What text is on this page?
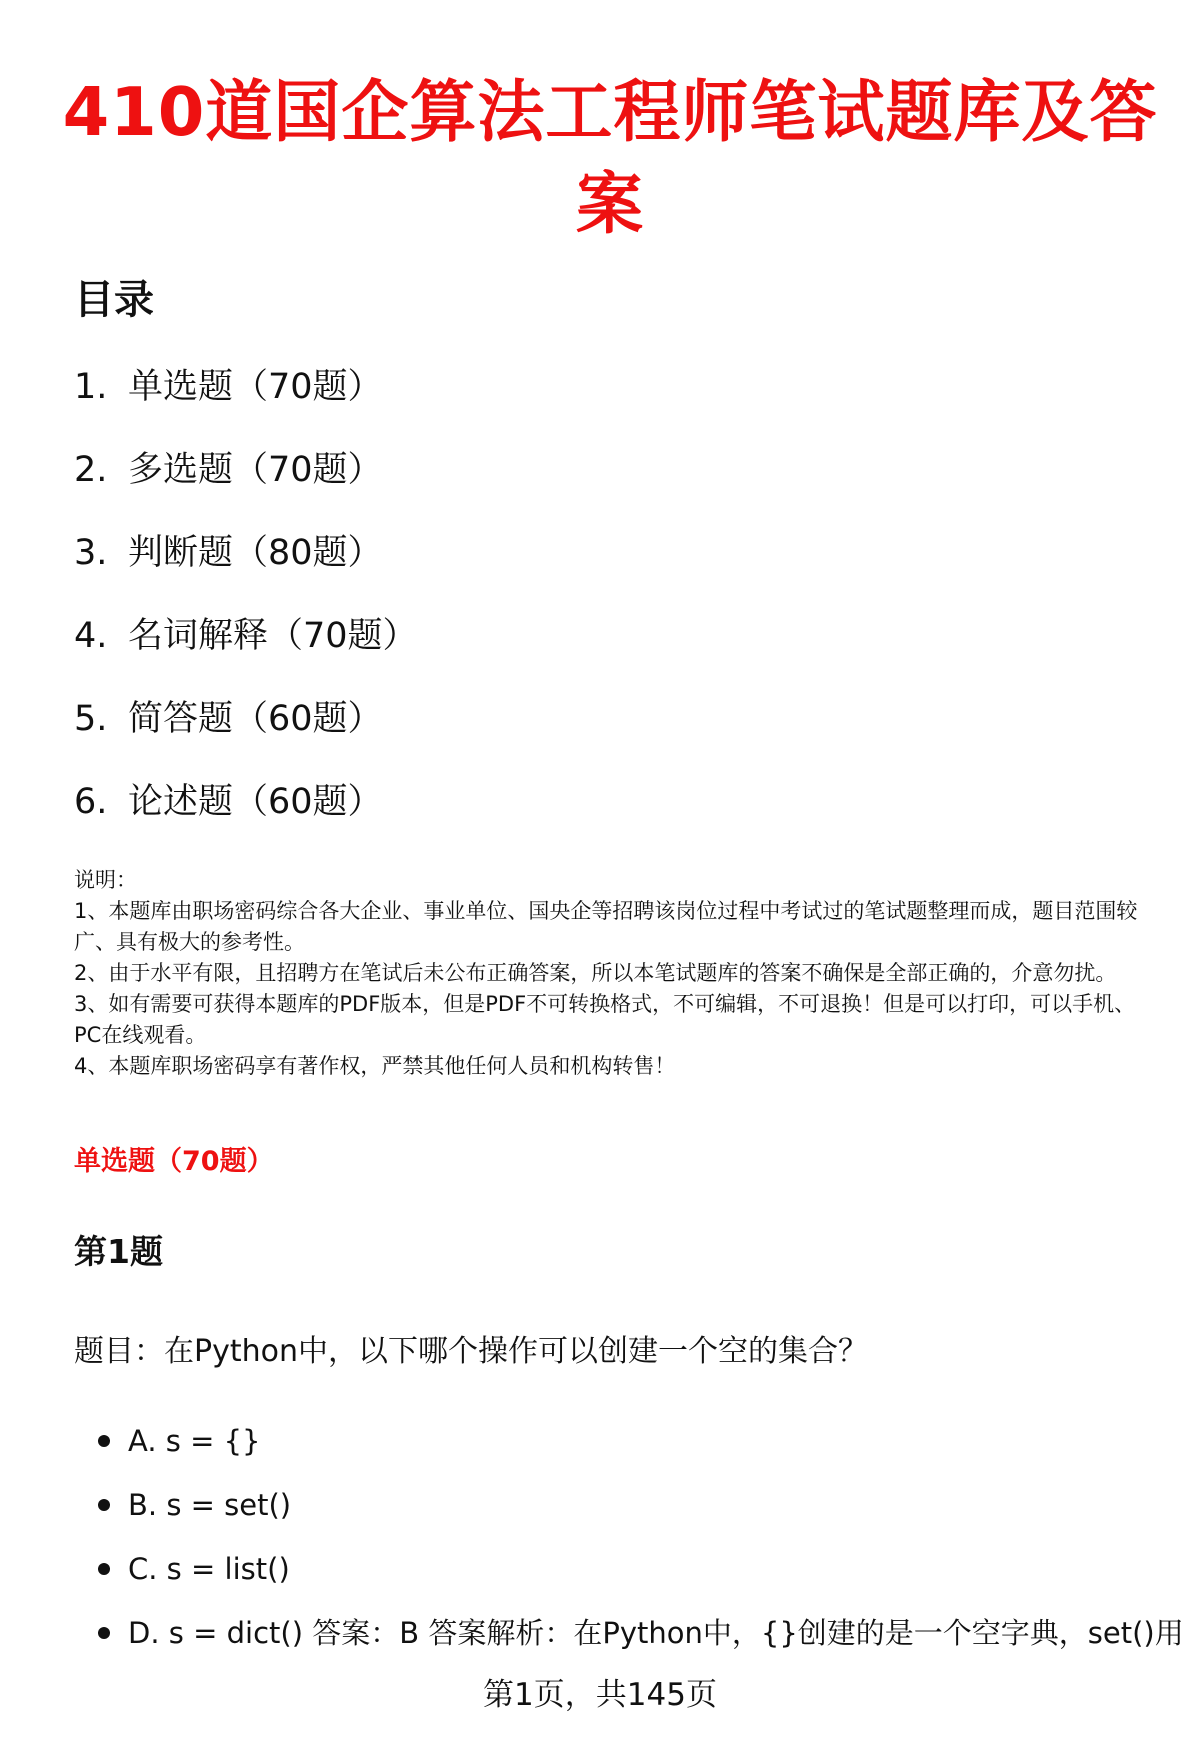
410道国企算法工程师笔试题库及答案
目录
1. 单选题（70题）
2. 多选题（70题）
3. 判断题（80题）
4. 名词解释（70题）
5. 简答题（60题）
6. 论述题（60题）

说明：

1、本题库由职场密码综合各大企业、事业单位、国央企等招聘该岗位过程中考试过的笔试题整理而成，题目范围较广、具有极大的参考性。

2、由于水平有限，且招聘方在笔试后未公布正确答案，所以本笔试题库的答案不确保是全部正确的，介意勿扰。

3、如有需要可获得本题库的PDF版本，但是PDF不可转换格式，不可编辑，不可退换！但是可以打印，可以手机、PC在线观看。

4、本题库职场密码享有著作权，严禁其他任何人员和机构转售！

单选题（70题）
第1题

题目：在Python中，以下哪个操作可以创建一个空的集合？

A. s = {}
B. s = set()
C. s = list()
D. s = dict() 答案：B 答案解析：在Python中，{}创建的是一个空字典，set()用
第1页，共145页
